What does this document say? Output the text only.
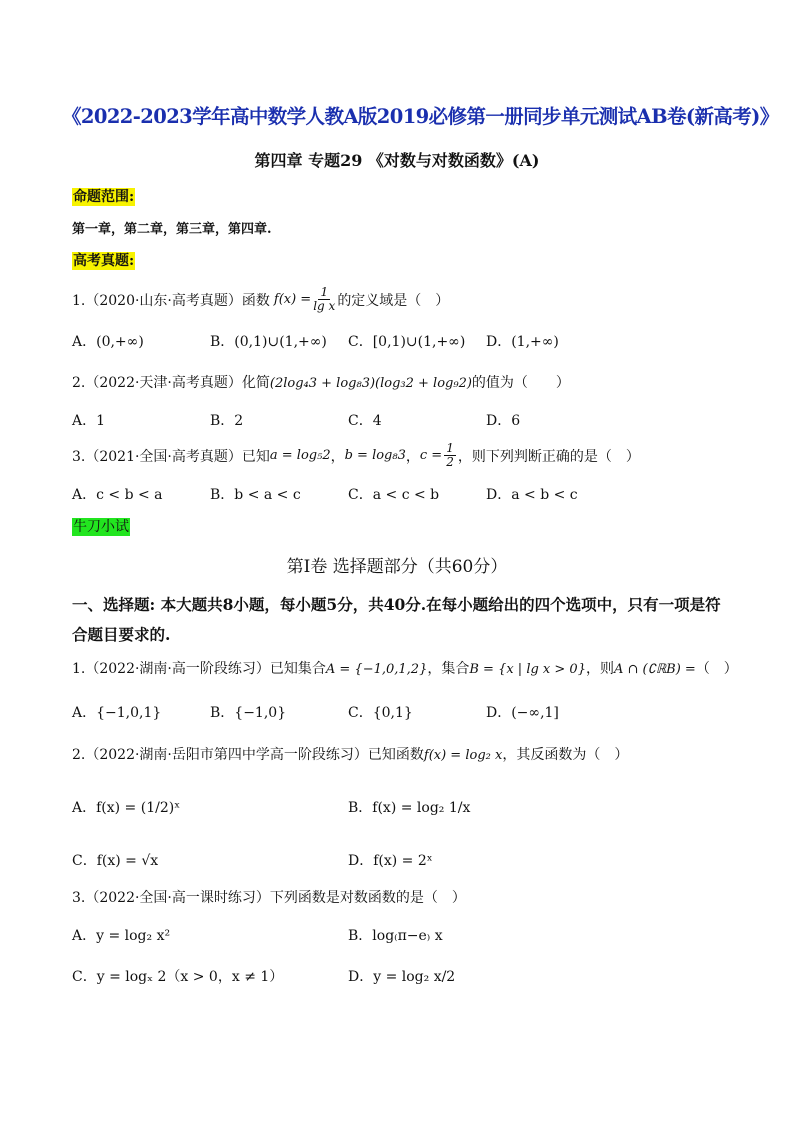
《2022-2023学年高中数学人教A版2019必修第一册同步单元测试AB卷(新高考)》
第四章 专题29 《对数与对数函数》(A)
命题范围:
第一章，第二章，第三章，第四章.
高考真题:
1.（2020·山东·高考真题）函数 $f(x) = \frac{1}{\text{lg x}}$ 的定义域是（　）
A．(0,+∞)	B．(0,1)∪(1,+∞) C．[0,1)∪(1,+∞) D．(1,+∞)
2.（2022·天津·高考真题）化简(2log₄3 + log₈3)(log₃2 + log₉2)的值为（　　）
A．1	B．2	C．4	D．6
3.（2021·全国·高考真题）已知 a = log₅2 ， b = log₈3 ， $c = \frac{1}{2}$ ，则下列判断正确的是（　）
A．c < b < a	B．b < a < c	C．a < c < b	D．a < b < c
牛刀小试
第Ⅰ卷 选择题部分（共60分）
一、选择题: 本大题共8小题，每小题5分，共40分.在每小题给出的四个选项中，只有一项是符合题目要求的.
1.（2022·湖南·高一阶段练习）已知集合A = {−1,0,1,2}，集合B = {x | lg x > 0}，则A ∩ (∁ℝB) =（　）
A．{−1,0,1}	B．{−1,0}	C．{0,1}	D．(−∞,1]
2.（2022·湖南·岳阳市第四中学高一阶段练习）已知函数f(x) = log₂ x，其反函数为（　）
A．f(x) = (1/2)ˣ	B．f(x) = log₂ 1/x
C．f(x) = √x	D．f(x) = 2ˣ
3.（2022·全国·高一课时练习）下列函数是对数函数的是（　）
A．y = log₂ x²	B．log₍π−e₎ x
C．y = logₓ 2（x > 0，x ≠ 1）	D．y = log₂ x/2
